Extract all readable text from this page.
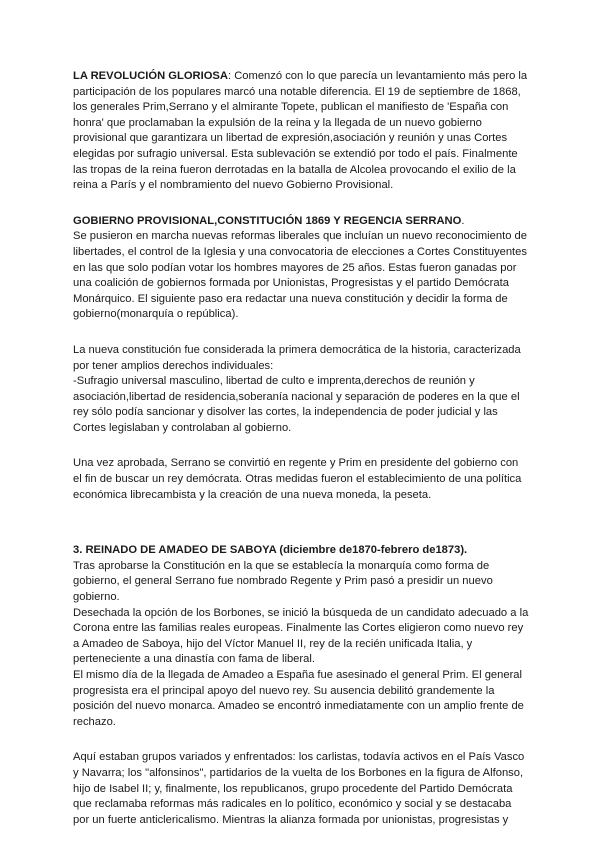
LA REVOLUCIÓN GLORIOSA: Comenzó con lo que parecía un levantamiento más pero la participación de los populares marcó una notable diferencia. El 19 de septiembre de 1868, los generales Prim,Serrano y el almirante Topete, publican el manifiesto de 'España con honra' que proclamaban la expulsión de la reina y la llegada de un nuevo gobierno provisional que garantizara un libertad de expresión,asociación y reunión y unas Cortes elegidas por sufragio universal. Esta sublevación se extendió por todo el país. Finalmente las tropas de la reina fueron derrotadas en la batalla de Alcolea provocando el exilio de la reina a París y el nombramiento del nuevo Gobierno Provisional.

GOBIERNO PROVISIONAL,CONSTITUCIÓN 1869 Y REGENCIA SERRANO.

Se pusieron en marcha nuevas reformas liberales que incluían un nuevo reconocimiento de libertades, el control de la Iglesia y una convocatoria de elecciones a Cortes Constituyentes en las que solo podían votar los hombres mayores de 25 años. Estas fueron ganadas por una coalición de gobiernos formada por Unionistas, Progresistas y el partido Demócrata Monárquico. El siguiente paso era redactar una nueva constitución y decidir la forma de gobierno(monarquía o república).

La nueva constitución fue considerada la primera democrática de la historia, caracterizada por tener amplios derechos individuales:

-Sufragio universal masculino, libertad de culto e imprenta,derechos de reunión y asociación,libertad de residencia,soberanía nacional y separación de poderes en la que el rey sólo podía sancionar y disolver las cortes, la independencia de poder judicial y las Cortes legislaban y controlaban al gobierno.

Una vez aprobada, Serrano se convirtió en regente y Prim en presidente del gobierno con el fin de buscar un rey demócrata. Otras medidas fueron el establecimiento de una política económica librecambista y la creación de una nueva moneda, la peseta.

3. REINADO DE AMADEO DE SABOYA (diciembre de1870-febrero de1873).

Tras aprobarse la Constitución en la que se establecía la monarquía como forma de gobierno, el general Serrano fue nombrado Regente y Prim pasó a presidir un nuevo gobierno.

Desechada la opción de los Borbones, se inició la búsqueda de un candidato adecuado a la Corona entre las familias reales europeas. Finalmente las Cortes eligieron como nuevo rey a Amadeo de Saboya, hijo del Víctor Manuel II, rey de la recién unificada Italia, y perteneciente a una dinastía con fama de liberal.

El mismo día de la llegada de Amadeo a España fue asesinado el general Prim. El general progresista era el principal apoyo del nuevo rey. Su ausencia debilitó grandemente la posición del nuevo monarca. Amadeo se encontró inmediatamente con un amplio frente de rechazo.

Aquí estaban grupos variados y enfrentados: los carlistas, todavía activos en el País Vasco y Navarra; los "alfonsinos", partidarios de la vuelta de los Borbones en la figura de Alfonso, hijo de Isabel II; y, finalmente, los republicanos, grupo procedente del Partido Demócrata que reclamaba reformas más radicales en lo político, económico y social y se destacaba por un fuerte anticlericalismo. Mientras la alianza formada por unionistas, progresistas y
